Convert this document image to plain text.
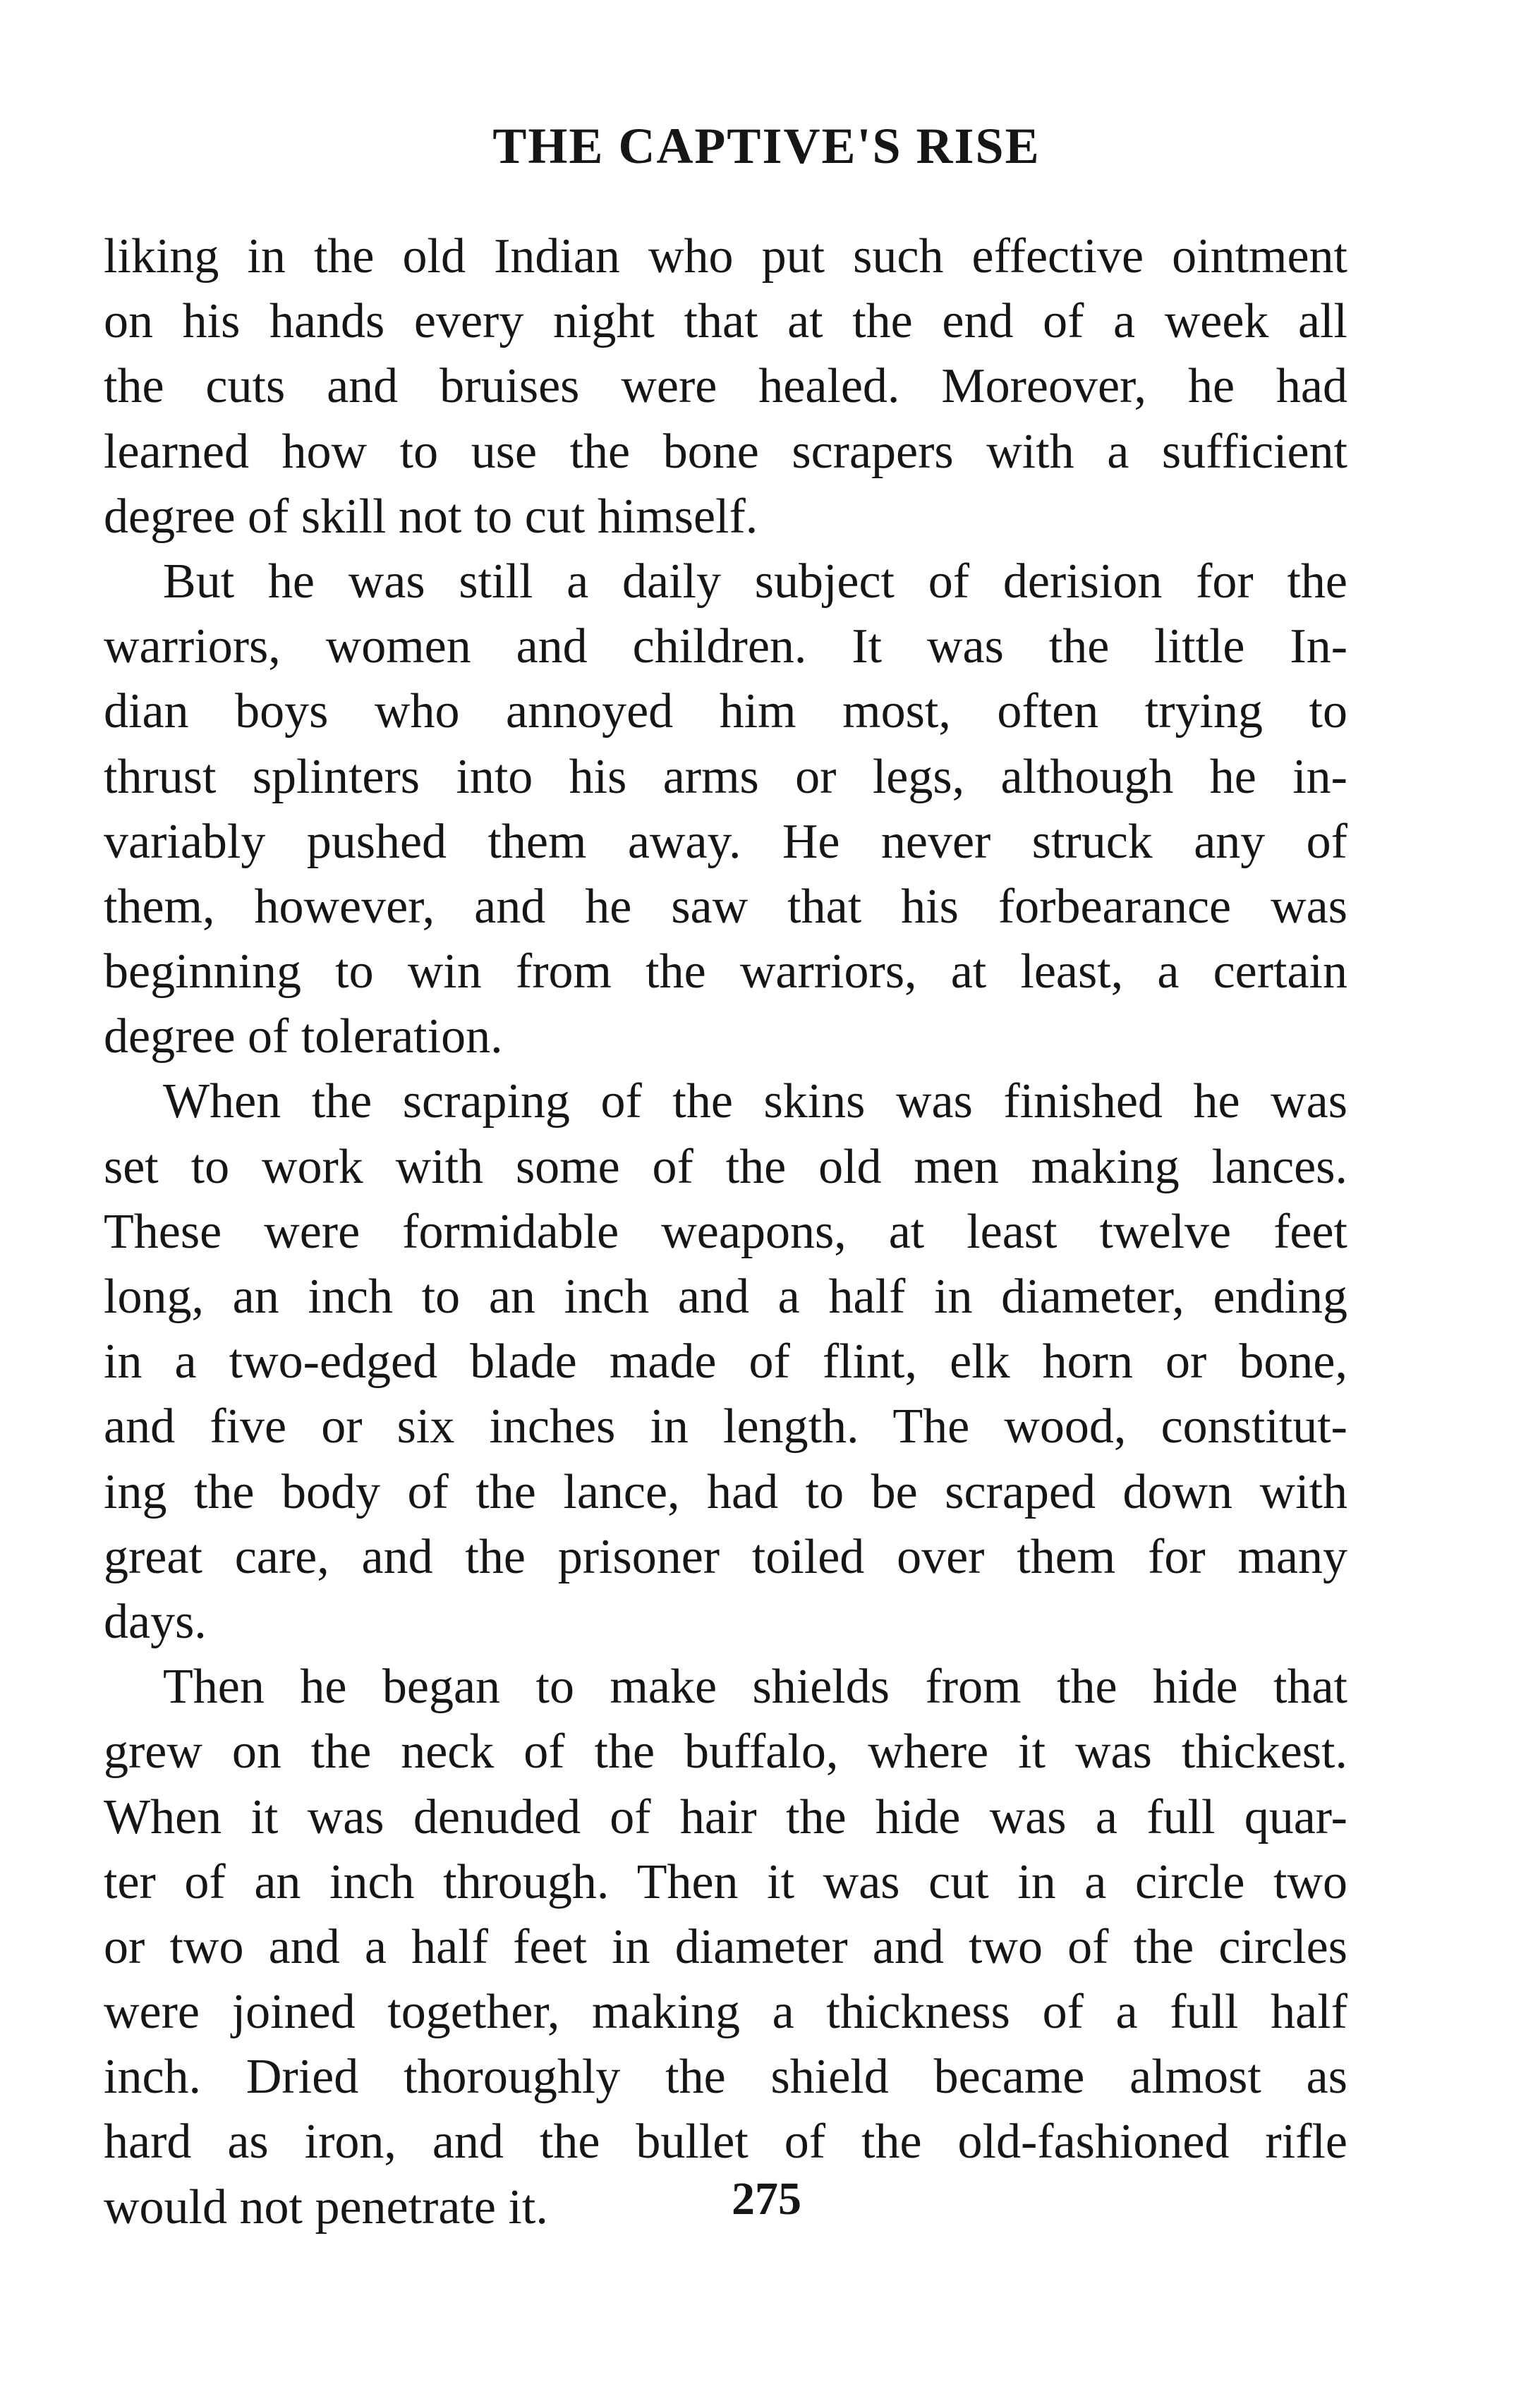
THE CAPTIVE'S RISE
liking in the old Indian who put such effective ointment
on his hands every night that at the end of a week all
the cuts and bruises were healed. Moreover, he had
learned how to use the bone scrapers with a sufficient
degree of skill not to cut himself.
But he was still a daily subject of derision for the
warriors, women and children. It was the little In-
dian boys who annoyed him most, often trying to
thrust splinters into his arms or legs, although he in-
variably pushed them away. He never struck any of
them, however, and he saw that his forbearance was
beginning to win from the warriors, at least, a certain
degree of toleration.
When the scraping of the skins was finished he was
set to work with some of the old men making lances.
These were formidable weapons, at least twelve feet
long, an inch to an inch and a half in diameter, ending
in a two-edged blade made of flint, elk horn or bone,
and five or six inches in length. The wood, constitut-
ing the body of the lance, had to be scraped down with
great care, and the prisoner toiled over them for many
days.
Then he began to make shields from the hide that
grew on the neck of the buffalo, where it was thickest.
When it was denuded of hair the hide was a full quar-
ter of an inch through. Then it was cut in a circle two
or two and a half feet in diameter and two of the circles
were joined together, making a thickness of a full half
inch. Dried thoroughly the shield became almost as
hard as iron, and the bullet of the old-fashioned rifle
would not penetrate it.	275
